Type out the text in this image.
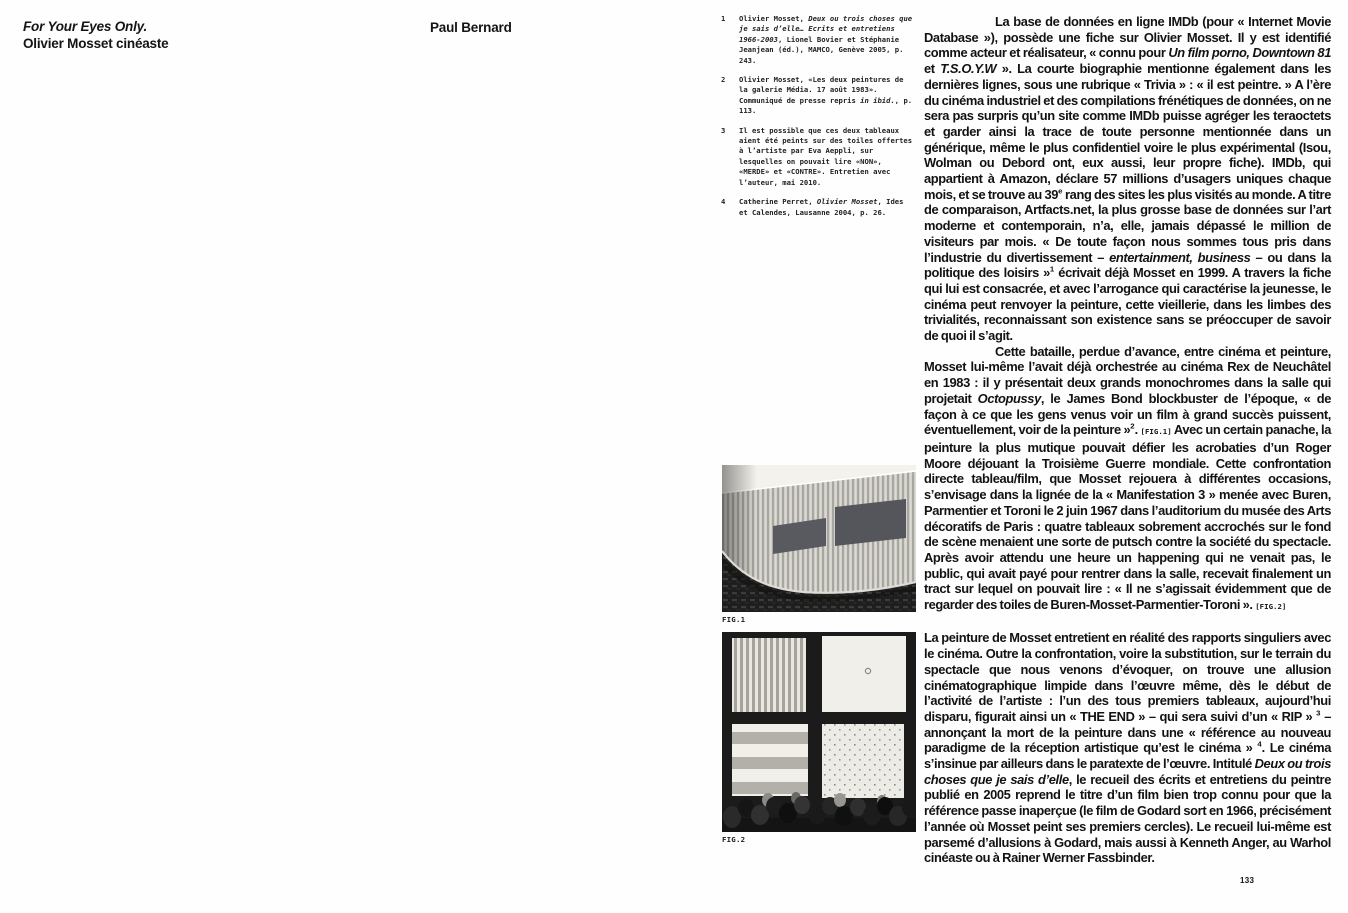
For Your Eyes Only.
Olivier Mosset cinéaste
Paul Bernard
1	Olivier Mosset, Deux ou trois choses que je sais d’elle… Ecrits et entretiens 1966-2003, Lionel Bovier et Stéphanie Jeanjean (éd.), MAMCO, Genève 2005, p. 243.
2	Olivier Mosset, «Les deux peintures de la galerie Média. 17 août 1983». Communiqué de presse repris in ibid., p. 113.
3	Il est possible que ces deux tableaux aient été peints sur des toiles offertes à l’artiste par Eva Aeppli, sur lesquelles on pouvait lire «NON», «MERDE» et «CONTRE». Entretien avec l’auteur, mai 2010.
4	Catherine Perret, Olivier Mosset, Ides et Calendes, Lausanne 2004, p. 26.
FIG.1
FIG.2

La base de données en ligne IMDb (pour « Internet Movie Database »), possède une fiche sur Olivier Mosset. Il y est identifié comme acteur et réalisateur, « connu pour Un film porno, Downtown 81 et T.S.O.Y.W ». La courte biographie mentionne également dans les dernières lignes, sous une rubrique « Trivia » : « il est peintre. » A l’ère du cinéma industriel et des compilations frénétiques de données, on ne sera pas surpris qu’un site comme IMDb puisse agréger les teraoctets et garder ainsi la trace de toute personne mentionnée dans un générique, même le plus confidentiel voire le plus expérimental (Isou, Wolman ou Debord ont, eux aussi, leur propre fiche). IMDb, qui appartient à Amazon, déclare 57 millions d’usagers uniques chaque mois, et se trouve au 39e rang des sites les plus visités au monde. A titre de comparaison, Artfacts.net, la plus grosse base de données sur l’art moderne et contemporain, n’a, elle, jamais dépassé le million de visiteurs par mois. « De toute façon nous sommes tous pris dans l’industrie du divertissement – entertainment, business – ou dans la politique des loisirs »$^1$ écrivait déjà Mosset en 1999. A travers la fiche qui lui est consacrée, et avec l’arrogance qui caractérise la jeunesse, le cinéma peut renvoyer la peinture, cette vieillerie, dans les limbes des trivialités, reconnaissant son existence sans se préoccuper de savoir de quoi il s’agit.

Cette bataille, perdue d’avance, entre cinéma et peinture, Mosset lui-même l’avait déjà orchestrée au cinéma Rex de Neuchâtel en 1983 : il y présentait deux grands monochromes dans la salle qui projetait Octopussy, le James Bond blockbuster de l’époque, « de façon à ce que les gens venus voir un film à grand succès puissent, éventuellement, voir de la peinture »$^2$. [FIG.1] Avec un certain panache, la peinture la plus mutique pouvait défier les acrobaties d’un Roger Moore déjouant la Troisième Guerre mondiale. Cette confrontation directe tableau/film, que Mosset rejouera à différentes occasions, s’envisage dans la lignée de la « Manifestation 3 » menée avec Buren, Parmentier et Toroni le 2 juin 1967 dans l’auditorium du musée des Arts décoratifs de Paris : quatre tableaux sobrement accrochés sur le fond de scène menaient une sorte de putsch contre la société du spectacle. Après avoir attendu une heure un happening qui ne venait pas, le public, qui avait payé pour rentrer dans la salle, recevait finalement un tract sur lequel on pouvait lire : « Il ne s’agissait évidemment que de regarder des toiles de Buren-Mosset-Parmentier-Toroni ». [FIG.2]

La peinture de Mosset entretient en réalité des rapports singuliers avec le cinéma. Outre la confrontation, voire la substitution, sur le terrain du spectacle que nous venons d’évoquer, on trouve une allusion cinématographique limpide dans l’œuvre même, dès le début de l’activité de l’artiste : l’un des tous premiers tableaux, aujourd’hui disparu, figurait ainsi un « THE END » – qui sera suivi d’un « RIP » $^3$ – annonçant la mort de la peinture dans une « référence au nouveau paradigme de la réception artistique qu’est le cinéma » $^4$. Le cinéma s’insinue par ailleurs dans le paratexte de l’œuvre. Intitulé Deux ou trois choses que je sais d’elle, le recueil des écrits et entretiens du peintre publié en 2005 reprend le titre d’un film bien trop connu pour que la référence passe inaperçue (le film de Godard sort en 1966, précisément l’année où Mosset peint ses premiers cercles). Le recueil lui-même est parsemé d’allusions à Godard, mais aussi à Kenneth Anger, au Warhol cinéaste ou à Rainer Werner Fassbinder.

133
